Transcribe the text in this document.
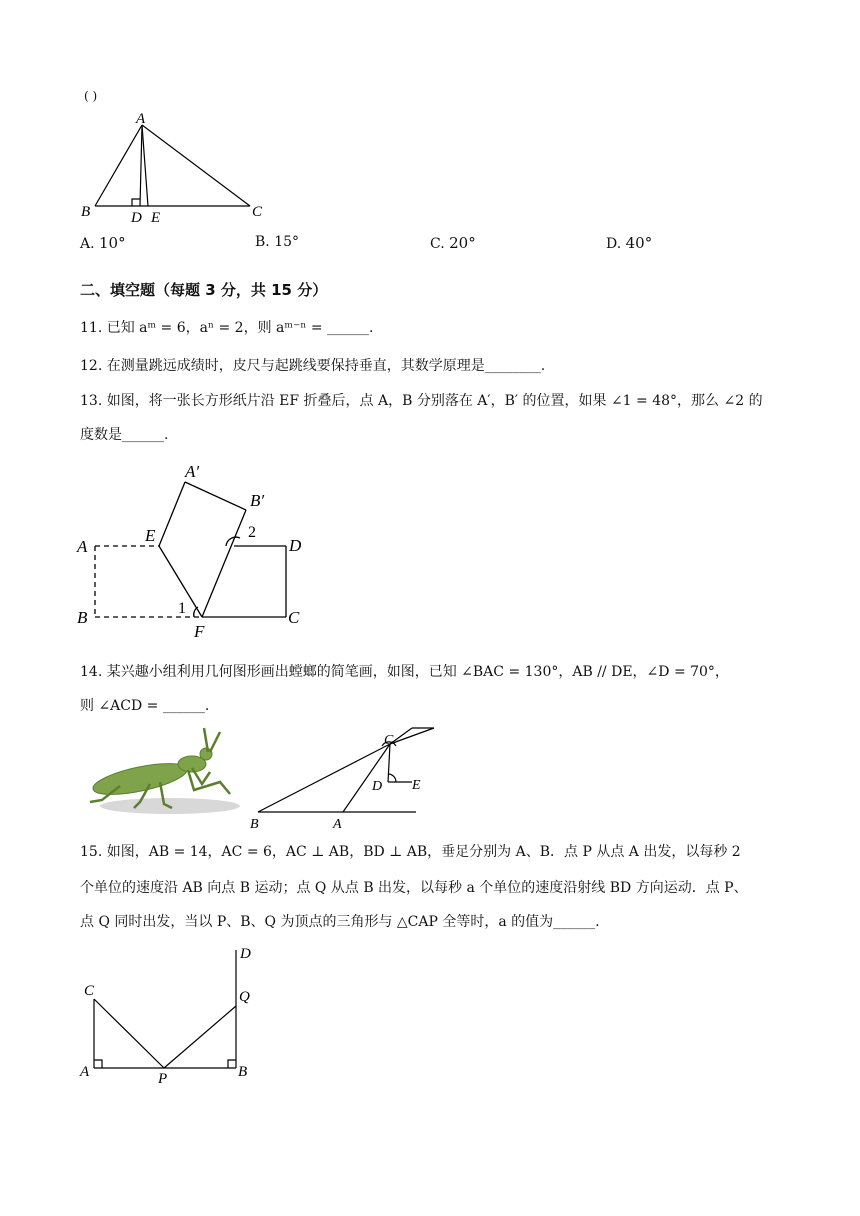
( )
A
B	C
D E
A. 10°	B. 15°	C. 20°	D. 40°
二、填空题（每题 3 分，共 15 分）
11. 已知 aᵐ = 6，aⁿ = 2，则 aᵐ⁻ⁿ = ______.
12. 在测量跳远成绩时，皮尺与起跳线要保持垂直，其数学原理是________.
13. 如图，将一张长方形纸片沿 EF 折叠后，点 A，B 分别落在 A′，B′ 的位置，如果 ∠1 = 48°，那么 ∠2 的
度数是______.
A′
B′
E	2
D
A
B	1
F
C
14. 某兴趣小组利用几何图形画出螳螂的简笔画，如图，已知 ∠BAC = 130°，AB // DE，∠D = 70°，
则 ∠ACD = ______.
C
D E
B	A
15. 如图，AB = 14，AC = 6，AC ⊥ AB，BD ⊥ AB，垂足分别为 A、B．点 P 从点 A 出发，以每秒 2
个单位的速度沿 AB 向点 B 运动；点 Q 从点 B 出发，以每秒 a 个单位的速度沿射线 BD 方向运动．点 P、
点 Q 同时出发，当以 P、B、Q 为顶点的三角形与 △CAP 全等时，a 的值为______.
D
C	Q
A	P	B
